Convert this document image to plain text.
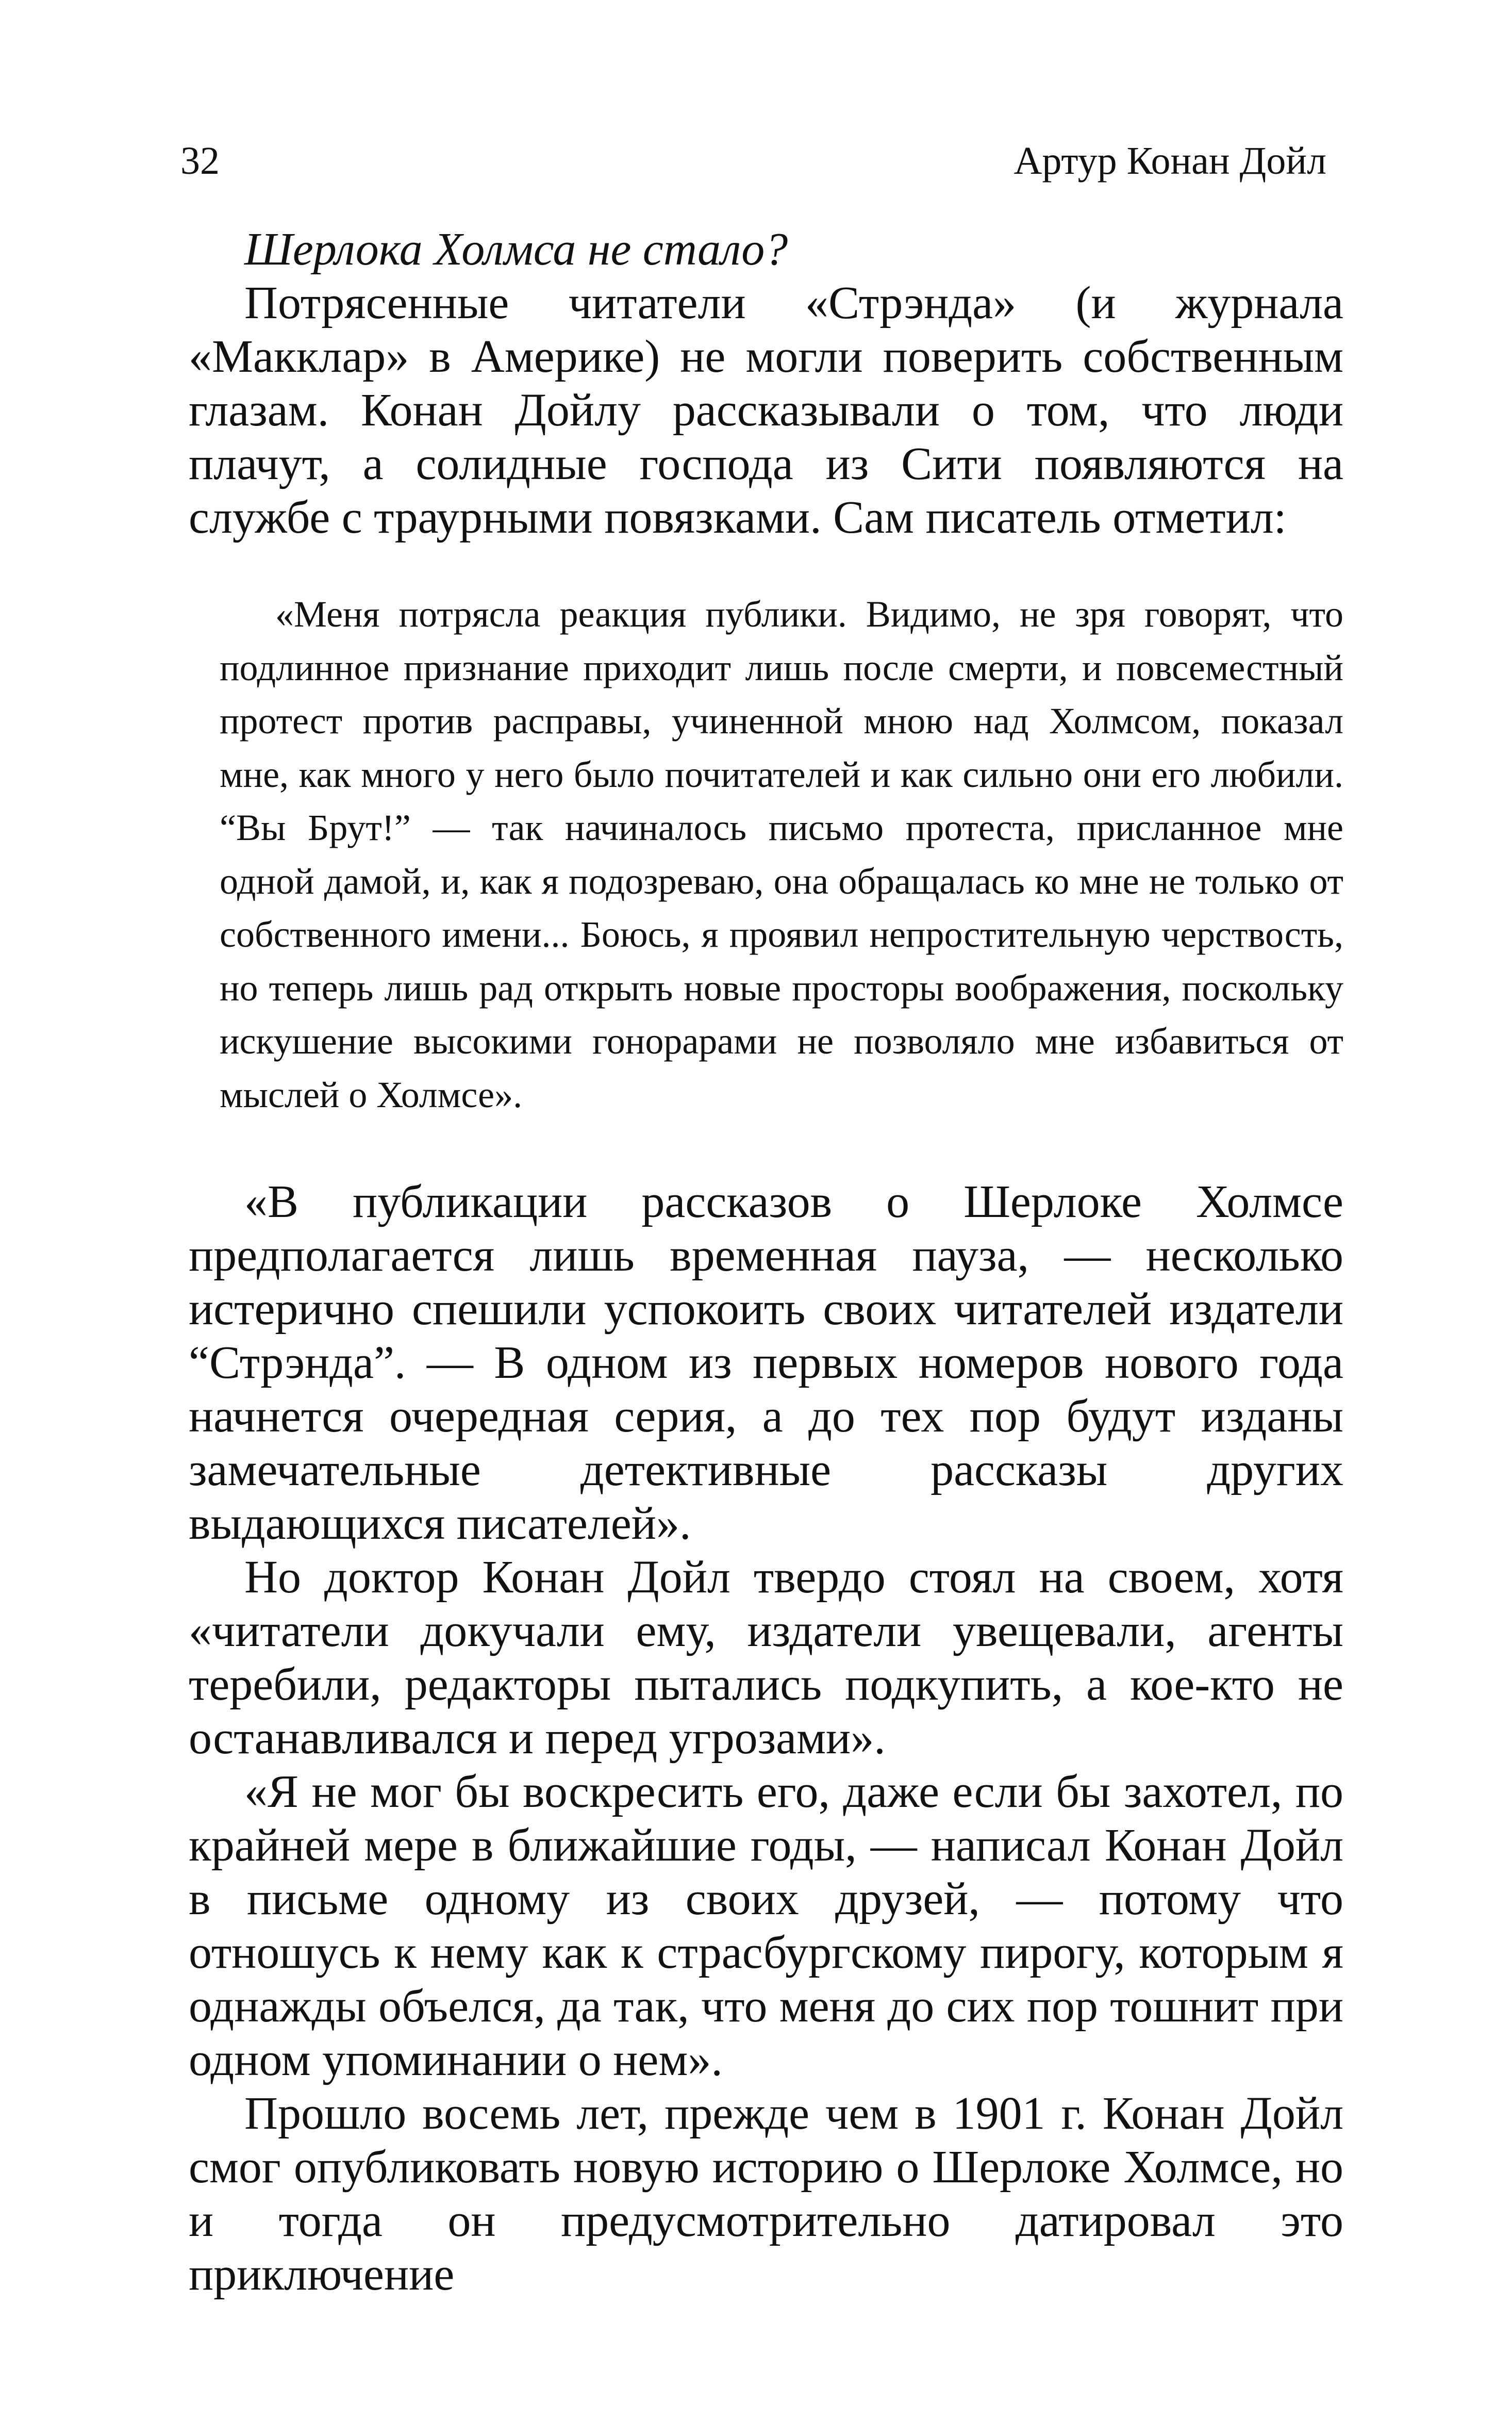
32	Артур Конан Дойл

Шерлока Холмса не стало?

Потрясенные читатели «Стрэнда» (и журнала «Макклар» в Америке) не могли поверить собственным глазам. Конан Дойлу рассказывали о том, что люди плачут, а солидные господа из Сити появляются на службе с траурными повязками. Сам писатель отметил:

«Меня потрясла реакция публики. Видимо, не зря говорят, что подлинное признание приходит лишь после смерти, и повсеместный протест против расправы, учиненной мною над Холмсом, показал мне, как много у него было почитателей и как сильно они его любили. “Вы Брут!” — так начиналось письмо протеста, присланное мне одной дамой, и, как я подозреваю, она обращалась ко мне не только от собственного имени... Боюсь, я проявил непростительную черствость, но теперь лишь рад открыть новые просторы воображения, поскольку искушение высокими гонорарами не позволяло мне избавиться от мыслей о Холмсе».

«В публикации рассказов о Шерлоке Холмсе предполагается лишь временная пауза, — несколько истерично спешили успокоить своих читателей издатели “Стрэнда”. — В одном из первых номеров нового года начнется очередная серия, а до тех пор будут изданы замечательные детективные рассказы других выдающихся писателей».

Но доктор Конан Дойл твердо стоял на своем, хотя «читатели докучали ему, издатели увещевали, агенты теребили, редакторы пытались подкупить, а кое-кто не останавливался и перед угрозами».

«Я не мог бы воскресить его, даже если бы захотел, по крайней мере в ближайшие годы, — написал Конан Дойл в письме одному из своих друзей, — потому что отношусь к нему как к страсбургскому пирогу, которым я однажды объелся, да так, что меня до сих пор тошнит при одном упоминании о нем».

Прошло восемь лет, прежде чем в 1901 г. Конан Дойл смог опубликовать новую историю о Шерлоке Холмсе, но и тогда он предусмотрительно датировал это приключение
